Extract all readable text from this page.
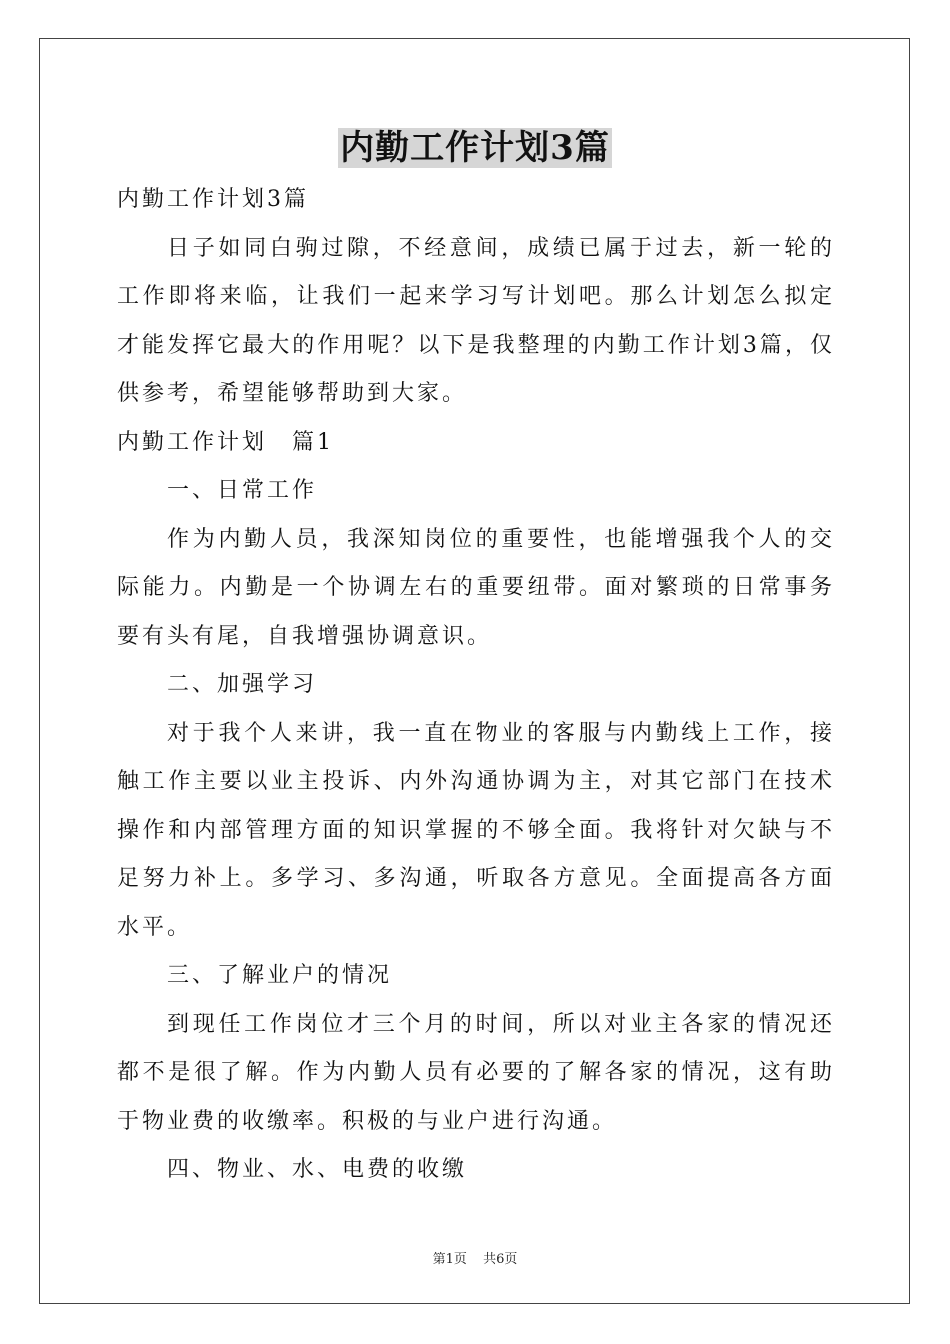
内勤工作计划3篇

内勤工作计划3篇

日子如同白驹过隙，不经意间，成绩已属于过去，新一轮的工作即将来临，让我们一起来学习写计划吧。那么计划怎么拟定才能发挥它最大的作用呢？以下是我整理的内勤工作计划3篇，仅供参考，希望能够帮助到大家。

内勤工作计划　篇1

一、日常工作

作为内勤人员，我深知岗位的重要性，也能增强我个人的交际能力。内勤是一个协调左右的重要纽带。面对繁琐的日常事务要有头有尾，自我增强协调意识。

二、加强学习

对于我个人来讲，我一直在物业的客服与内勤线上工作，接触工作主要以业主投诉、内外沟通协调为主，对其它部门在技术操作和内部管理方面的知识掌握的不够全面。我将针对欠缺与不足努力补上。多学习、多沟通，听取各方意见。全面提高各方面水平。

三、了解业户的情况

到现任工作岗位才三个月的时间，所以对业主各家的情况还都不是很了解。作为内勤人员有必要的了解各家的情况，这有助于物业费的收缴率。积极的与业户进行沟通。

四、物业、水、电费的收缴

第1页 共6页
